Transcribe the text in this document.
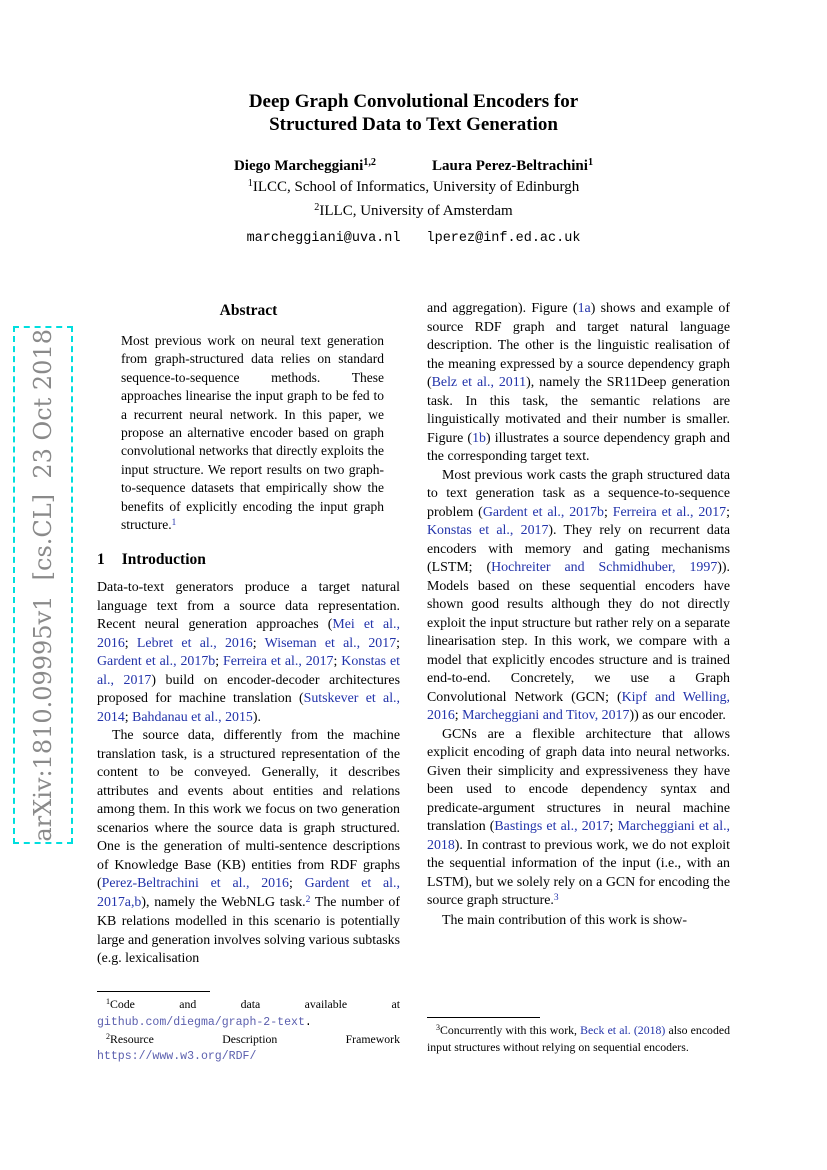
arXiv:1810.09995v1  [cs.CL]  23 Oct 2018
Deep Graph Convolutional Encoders for
Structured Data to Text Generation
Diego Marcheggiani$^{1,2}$	Laura Perez-Beltrachini$^1$
$^1$ILCC, School of Informatics, University of Edinburgh
$^2$ILLC, University of Amsterdam
marcheggiani@uva.nl lperez@inf.ed.ac.uk
Abstract

Most previous work on neural text generation from graph-structured data relies on standard sequence-to-sequence methods. These approaches linearise the input graph to be fed to a recurrent neural network. In this paper, we propose an alternative encoder based on graph convolutional networks that directly exploits the input structure. We report results on two graph-to-sequence datasets that empirically show the benefits of explicitly encoding the input graph structure.$^1$

1 Introduction

Data-to-text generators produce a target natural language text from a source data representation. Recent neural generation approaches (Mei et al., 2016; Lebret et al., 2016; Wiseman et al., 2017; Gardent et al., 2017b; Ferreira et al., 2017; Konstas et al., 2017) build on encoder-decoder architectures proposed for machine translation (Sutskever et al., 2014; Bahdanau et al., 2015).

The source data, differently from the machine translation task, is a structured representation of the content to be conveyed. Generally, it describes attributes and events about entities and relations among them. In this work we focus on two generation scenarios where the source data is graph structured. One is the generation of multi-sentence descriptions of Knowledge Base (KB) entities from RDF graphs (Perez-Beltrachini et al., 2016; Gardent et al., 2017a,b), namely the WebNLG task.$^2$ The number of KB relations modelled in this scenario is potentially large and generation involves solving various subtasks (e.g. lexicalisation

$^1$Code and data available at github.com/diegma/graph-2-text.

$^2$Resource Description Framework https://www.w3.org/RDF/

and aggregation). Figure (1a) shows and example of source RDF graph and target natural language description. The other is the linguistic realisation of the meaning expressed by a source dependency graph (Belz et al., 2011), namely the SR11Deep generation task. In this task, the semantic relations are linguistically motivated and their number is smaller. Figure (1b) illustrates a source dependency graph and the corresponding target text.

Most previous work casts the graph structured data to text generation task as a sequence-to-sequence problem (Gardent et al., 2017b; Ferreira et al., 2017; Konstas et al., 2017). They rely on recurrent data encoders with memory and gating mechanisms (LSTM; (Hochreiter and Schmidhuber, 1997)). Models based on these sequential encoders have shown good results although they do not directly exploit the input structure but rather rely on a separate linearisation step. In this work, we compare with a model that explicitly encodes structure and is trained end-to-end. Concretely, we use a Graph Convolutional Network (GCN; (Kipf and Welling, 2016; Marcheggiani and Titov, 2017)) as our encoder.

GCNs are a flexible architecture that allows explicit encoding of graph data into neural networks. Given their simplicity and expressiveness they have been used to encode dependency syntax and predicate-argument structures in neural machine translation (Bastings et al., 2017; Marcheggiani et al., 2018). In contrast to previous work, we do not exploit the sequential information of the input (i.e., with an LSTM), but we solely rely on a GCN for encoding the source graph structure.$^3$

The main contribution of this work is show-

$^3$Concurrently with this work, Beck et al. (2018) also encoded input structures without relying on sequential encoders.
